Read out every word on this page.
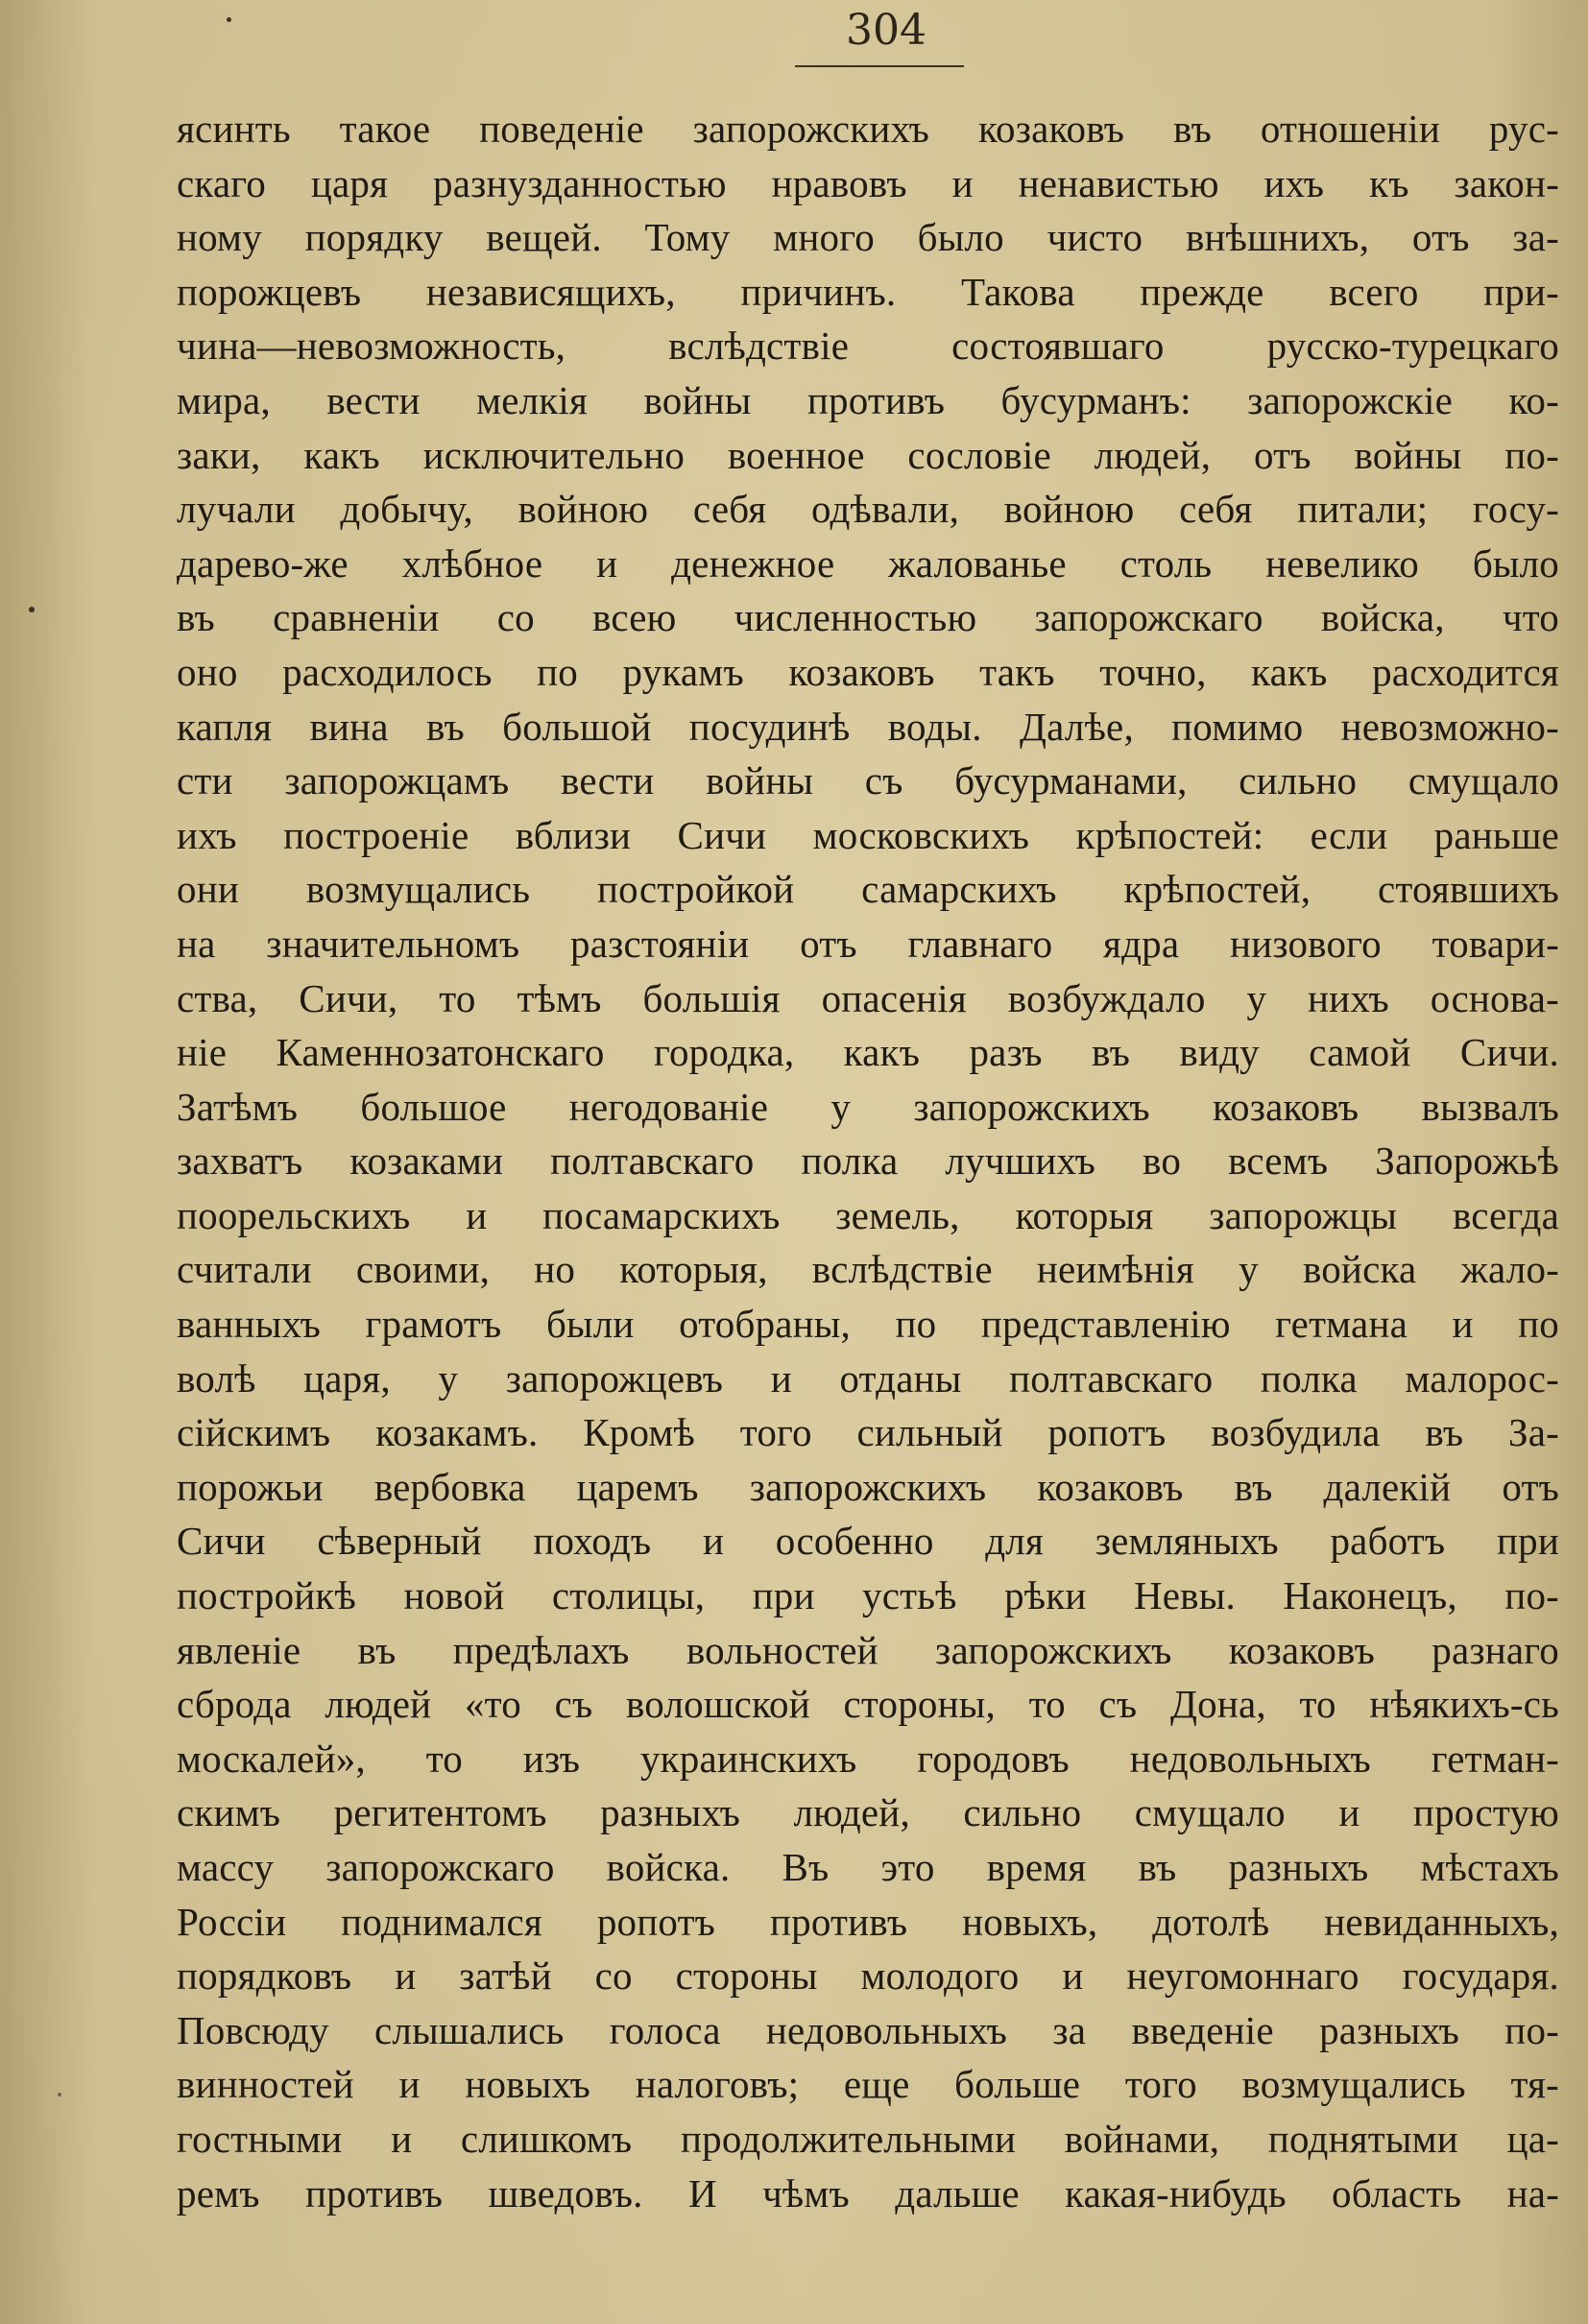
304
ясинть такое поведеніе запорожскихъ козаковъ въ отношеніи рус-
скаго царя разнузданностью нравовъ и ненавистью ихъ къ закон-
ному порядку вещей. Тому много было чисто внѣшнихъ, отъ за-
порожцевъ независящихъ, причинъ. Такова прежде всего при-
чина—невозможность, вслѣдствіе состоявшаго русско-турецкаго
мира, вести мелкія войны противъ бусурманъ: запорожскіе ко-
заки, какъ исключительно военное сословіе людей, отъ войны по-
лучали добычу, войною себя одѣвали, войною себя питали; госу-
дарево-же хлѣбное и денежное жалованье столь невелико было
въ сравненіи со всею численностью запорожскаго войска, что
оно расходилось по рукамъ козаковъ такъ точно, какъ расходится
капля вина въ большой посудинѣ воды. Далѣе, помимо невозможно-
сти запорожцамъ вести войны съ бусурманами, сильно смущало
ихъ построеніе вблизи Сичи московскихъ крѣпостей: если раньше
они возмущались постройкой самарскихъ крѣпостей, стоявшихъ
на значительномъ разстояніи отъ главнаго ядра низового товари-
ства, Сичи, то тѣмъ большія опасенія возбуждало у нихъ основа-
ніе Каменнозатонскаго городка, какъ разъ въ виду самой Сичи.
Затѣмъ большое негодованіе у запорожскихъ козаковъ вызвалъ
захватъ козаками полтавскаго полка лучшихъ во всемъ Запорожьѣ
поорельскихъ и посамарскихъ земель, которыя запорожцы всегда
считали своими, но которыя, вслѣдствіе неимѣнія у войска жало-
ванныхъ грамотъ были отобраны, по представленію гетмана и по
волѣ царя, у запорожцевъ и отданы полтавскаго полка малорос-
сійскимъ козакамъ. Кромѣ того сильный ропотъ возбудила въ За-
порожьи вербовка царемъ запорожскихъ козаковъ въ далекій отъ
Сичи сѣверный походъ и особенно для земляныхъ работъ при
постройкѣ новой столицы, при устьѣ рѣки Невы. Наконецъ, по-
явленіе въ предѣлахъ вольностей запорожскихъ козаковъ разнаго
сброда людей «то съ волошской стороны, то съ Дона, то нѣякихъ-сь
москалей», то изъ украинскихъ городовъ недовольныхъ гетман-
скимъ регитентомъ разныхъ людей, сильно смущало и простую
массу запорожскаго войска. Въ это время въ разныхъ мѣстахъ
Россіи поднимался ропотъ противъ новыхъ, дотолѣ невиданныхъ,
порядковъ и затѣй со стороны молодого и неугомоннаго государя.
Повсюду слышались голоса недовольныхъ за введеніе разныхъ по-
винностей и новыхъ налоговъ; еще больше того возмущались тя-
гостными и слишкомъ продолжительными войнами, поднятыми ца-
ремъ противъ шведовъ. И чѣмъ дальше какая-нибудь область на-
